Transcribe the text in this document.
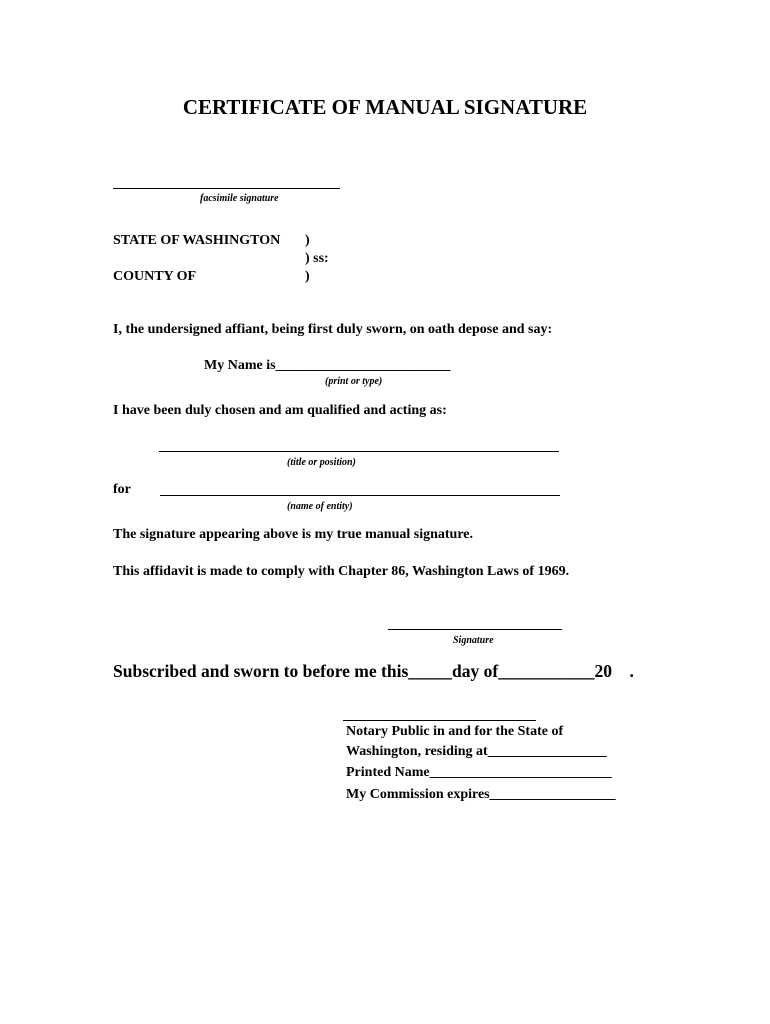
CERTIFICATE OF MANUAL SIGNATURE
facsimile signature
STATE OF WASHINGTON )
) ss:
COUNTY OF	)
I, the undersigned affiant, being first duly sworn, on oath depose and say:
My Name is_________________________
(print or type)
I have been duly chosen and am qualified and acting as:
(title or position)
for
(name of entity)
The signature appearing above is my true manual signature.
This affidavit is made to comply with Chapter 86, Washington Laws of 1969.
Signature
Subscribed and sworn to before me this_____day of___________20    .
Notary Public in and for the State of
Washington, residing at_________________
Printed Name__________________________
My Commission expires__________________
